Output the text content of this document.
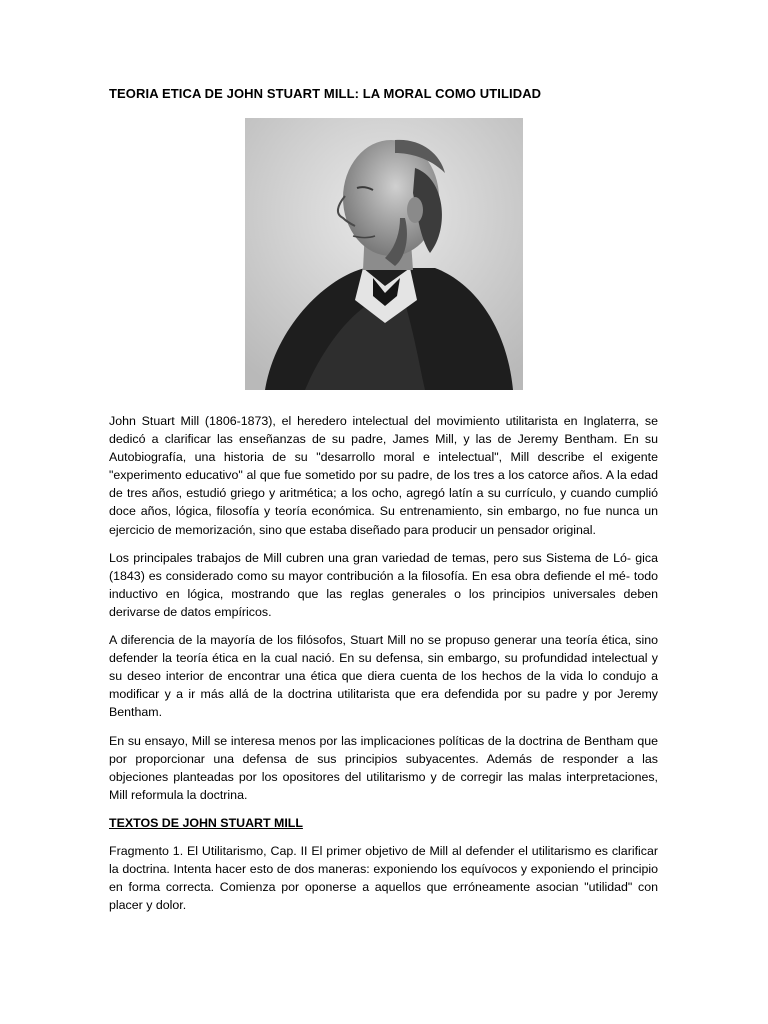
TEORIA ETICA DE JOHN STUART MILL: LA MORAL COMO UTILIDAD

John Stuart Mill (1806-1873), el heredero intelectual del movimiento utilitarista en Inglaterra, se dedicó a clarificar las enseñanzas de su padre, James Mill, y las de Jeremy Bentham. En su Autobiografía, una historia de su "desarrollo moral e intelectual", Mill describe el exigente "experimento educativo" al que fue sometido por su padre, de los tres a los catorce años. A la edad de tres años, estudió griego y aritmética; a los ocho, agregó latín a su currículo, y cuando cumplió doce años, lógica, filosofía y teoría económica. Su entrenamiento, sin embargo, no fue nunca un ejercicio de memorización, sino que estaba diseñado para producir un pensador original.

Los principales trabajos de Mill cubren una gran variedad de temas, pero sus Sistema de Ló- gica (1843) es considerado como su mayor contribución a la filosofía. En esa obra defiende el mé- todo inductivo en lógica, mostrando que las reglas generales o los principios universales deben derivarse de datos empíricos.

A diferencia de la mayoría de los filósofos, Stuart Mill no se propuso generar una teoría ética, sino defender la teoría ética en la cual nació. En su defensa, sin embargo, su profundidad intelectual y su deseo interior de encontrar una ética que diera cuenta de los hechos de la vida lo condujo a modificar y a ir más allá de la doctrina utilitarista que era defendida por su padre y por Jeremy Bentham.

En su ensayo, Mill se interesa menos por las implicaciones políticas de la doctrina de Bentham que por proporcionar una defensa de sus principios subyacentes. Además de responder a las objeciones planteadas por los opositores del utilitarismo y de corregir las malas interpretaciones, Mill reformula la doctrina.

TEXTOS DE JOHN STUART MILL

Fragmento 1. El Utilitarismo, Cap. II El primer objetivo de Mill al defender el utilitarismo es clarificar la doctrina. Intenta hacer esto de dos maneras: exponiendo los equívocos y exponiendo el principio en forma correcta. Comienza por oponerse a aquellos que erróneamente asocian "utilidad" con placer y dolor.
